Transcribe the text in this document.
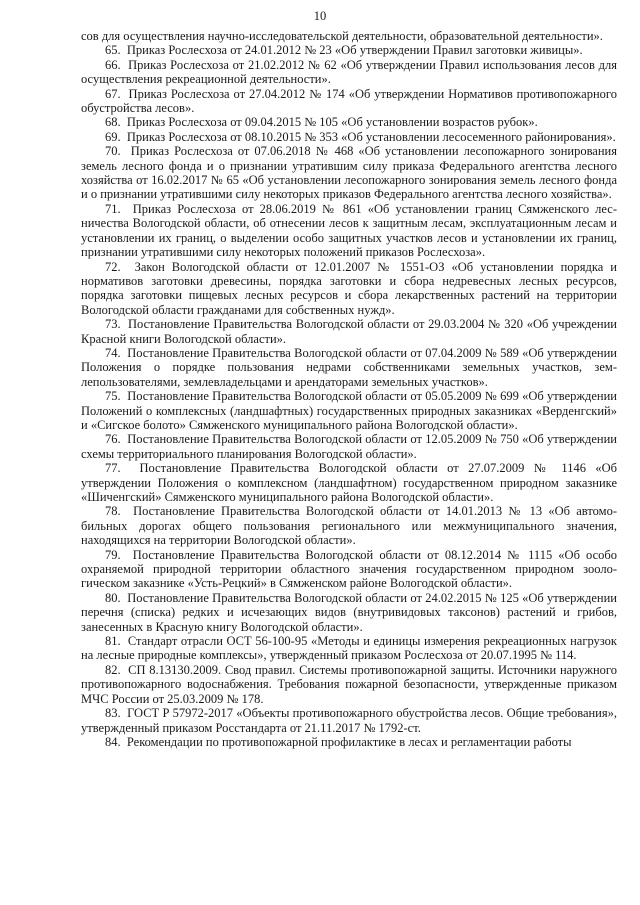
10

сов для осуществления научно-исследовательской деятельности, образовательной деятельности».

65.  Приказ Рослесхоза от 24.01.2012 № 23 «Об утверждении Правил заготовки живицы».

66.  Приказ Рослесхоза от 21.02.2012 № 62 «Об утверждении Правил использования лесов для осуществления рекреационной деятельности».

67.  Приказ Рослесхоза от 27.04.2012 № 174 «Об утверждении Нормативов противопожарного обустройства лесов».

68.  Приказ Рослесхоза от 09.04.2015 № 105 «Об установлении возрастов рубок».

69.  Приказ Рослесхоза от 08.10.2015 № 353 «Об установлении лесосеменного районирования».

70.  Приказ Рослесхоза от 07.06.2018 № 468 «Об установлении лесопожарного зонирования земель лесного фонда и о признании утратившим силу приказа Федерального агентства лесного хозяйства от 16.02.2017 № 65 «Об установлении лесопожарного зонирования земель лесного фонда и о признании утратившими силу некоторых приказов Федерального агентства лесного хозяйства».

71.  Приказ Рослесхоза от 28.06.2019 № 861 «Об установлении границ Сямженского лесничества Вологодской области, об отнесении лесов к защитным лесам, эксплуатационным лесам и установлении их границ, о выделении особо защитных участков лесов и установлении их границ, признании утратившими силу некоторых положений приказов Рослесхоза».

72.  Закон Вологодской области от 12.01.2007 № 1551-ОЗ «Об установлении порядка и нормативов заготовки древесины, порядка заготовки и сбора недревесных лесных ресурсов, порядка заготовки пищевых лесных ресурсов и сбора лекарственных растений на территории Вологодской области гражданами для собственных нужд».

73.  Постановление Правительства Вологодской области от 29.03.2004 № 320 «Об учреждении Красной книги Вологодской области».

74.  Постановление Правительства Вологодской области от 07.04.2009 № 589 «Об утверждении Положения о порядке пользования недрами собственниками земельных участков, землепользователями, землевладельцами и арендаторами земельных участков».

75.  Постановление Правительства Вологодской области от 05.05.2009 № 699 «Об утверждении Положений о комплексных (ландшафтных) государственных природных заказниках «Верденгский» и «Сигское болото» Сямженского муниципального района Вологодской области».

76.  Постановление Правительства Вологодской области от 12.05.2009 № 750 «Об утверждении схемы территориального планирования Вологодской области».

77.  Постановление Правительства Вологодской области от 27.07.2009 № 1146 «Об утверждении Положения о комплексном (ландшафтном) государственном природном заказнике «Шиченгский» Сямженского муниципального района Вологодской области».

78.  Постановление Правительства Вологодской области от 14.01.2013 № 13 «Об автомобильных дорогах общего пользования регионального или межмуниципального значения, находящихся на территории Вологодской области».

79.  Постановление Правительства Вологодской области от 08.12.2014 № 1115 «Об особо охраняемой природной территории областного значения государственном природном зоологическом заказнике «Усть-Рецкий» в Сямженском районе Вологодской области».

80.  Постановление Правительства Вологодской области от 24.02.2015 № 125 «Об утверждении перечня (списка) редких и исчезающих видов (внутривидовых таксонов) растений и грибов, занесенных в Красную книгу Вологодской области».

81.  Стандарт отрасли ОСТ 56-100-95 «Методы и единицы измерения рекреационных нагрузок на лесные природные комплексы», утвержденный приказом Рослесхоза от 20.07.1995 № 114.

82.  СП 8.13130.2009. Свод правил. Системы противопожарной защиты. Источники наружного противопожарного водоснабжения. Требования пожарной безопасности, утвержденные приказом МЧС России от 25.03.2009 № 178.

83.  ГОСТ Р 57972-2017 «Объекты противопожарного обустройства лесов. Общие требования», утвержденный приказом Росстандарта от 21.11.2017 № 1792-ст.

84.  Рекомендации по противопожарной профилактике в лесах и регламентации работы
